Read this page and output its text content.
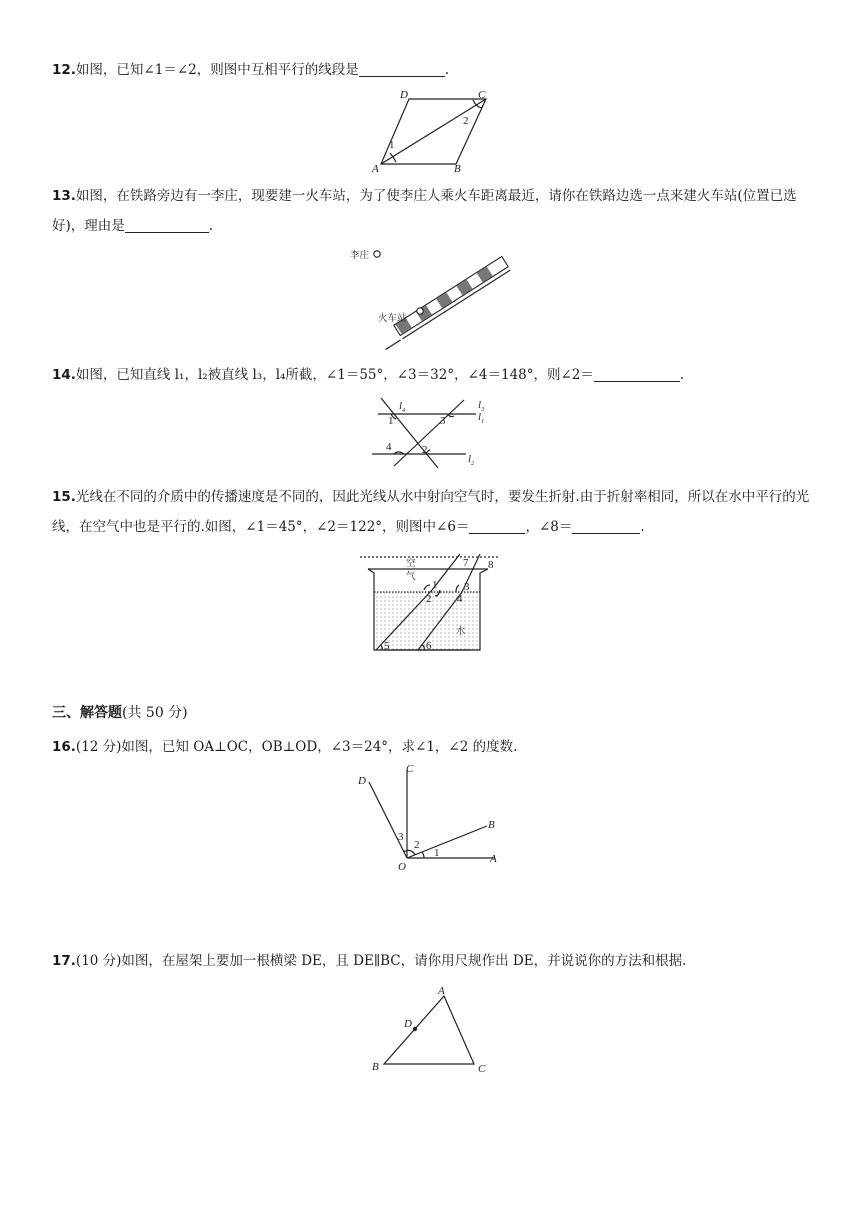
12.如图，已知∠1＝∠2，则图中互相平行的线段是	.
A	B
C
D
1
2
13.如图，在铁路旁边有一李庄，现要建一火车站，为了使李庄人乘火车距离最近，请你在铁路边选一点来建火车站(位置已选好)，理由是	.
李庄
火车站
14.如图，已知直线 l₁，l₂被直线 l₃，l₄所截，∠1＝55°，∠3＝32°，∠4＝148°，则∠2＝	.
$l_4$	$l_3$
$l_1$
$l_2$
1	3
4	2
15.光线在不同的介质中的传播速度是不同的，因此光线从水中射向空气时，要发生折射.由于折射率相同，所以在水中平行的光线，在空气中也是平行的.如图，∠1＝45°，∠2＝122°，则图中∠6＝	，∠8＝	.
空
气
水
1
2
3
4
5	6
7 8
三、解答题(共 50 分)
16.(12 分)如图，已知 OA⊥OC，OB⊥OD，∠3＝24°，求∠1，∠2 的度数.
A
B
C
D
O
1
2
3
17.(10 分)如图，在屋架上要加一根横梁 DE，且 DE∥BC，请你用尺规作出 DE，并说说你的方法和根据.
A
B	C
D
